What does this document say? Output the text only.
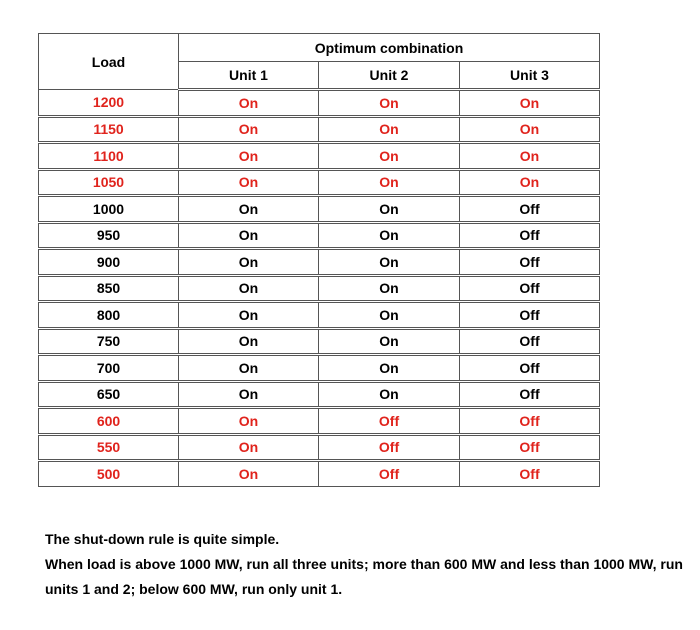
Load	Optimum combination		
	Unit 1	Unit 2	Unit 3
1200	On	On	On
1150	On	On	On
1100	On	On	On
1050	On	On	On
1000	On	On	Off
950	On	On	Off
900	On	On	Off
850	On	On	Off
800	On	On	Off
750	On	On	Off
700	On	On	Off
650	On	On	Off
600	On	Off	Off
550	On	Off	Off
500	On	Off	Off

The shut-down rule is quite simple.

When load is above 1000 MW, run all three units; more than 600 MW and less than 1000 MW, run units 1 and 2; below 600 MW, run only unit 1.
